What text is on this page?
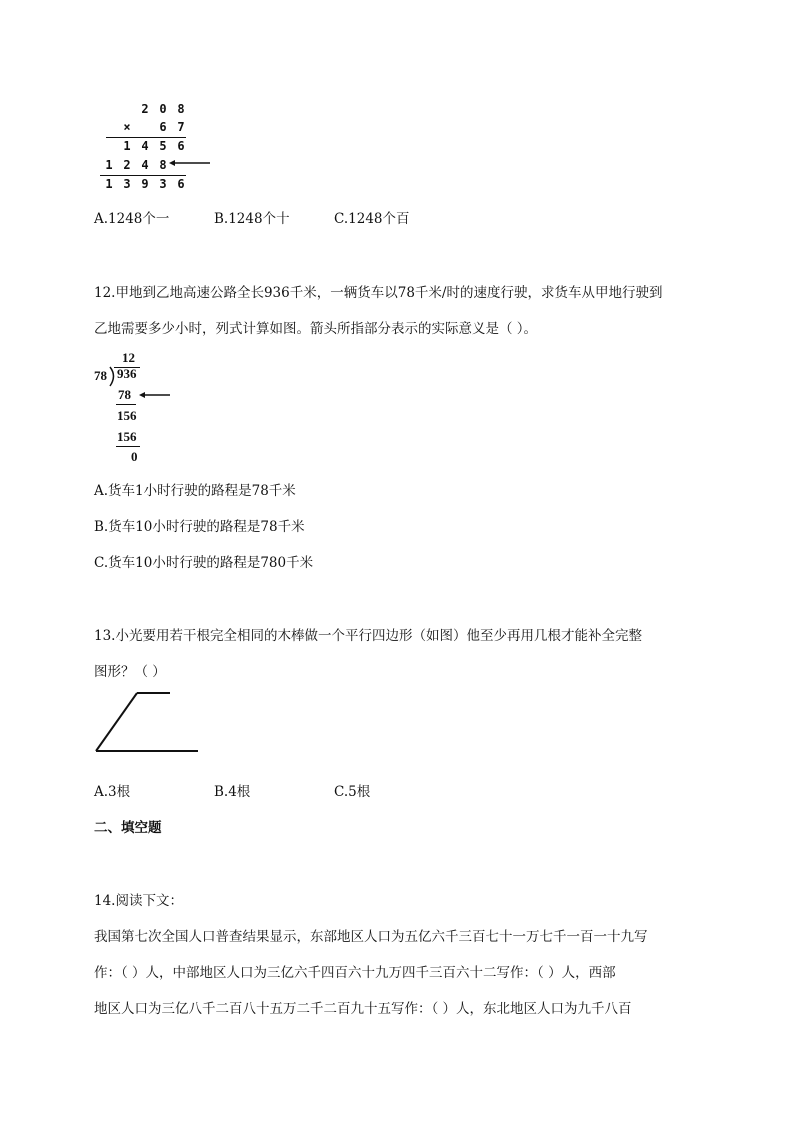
2 0 8
×	6 7
1 4 5 6
1 2 4 8
1 3 9 3 6
A.1248个一	B.1248个十	C.1248个百
12.甲地到乙地高速公路全长936千米，一辆货车以78千米/时的速度行驶，求货车从甲地行驶到
乙地需要多少小时，列式计算如图。箭头所指部分表示的实际意义是（ ）。
12
78 936
78
156
156
0
A.货车1小时行驶的路程是78千米
B.货车10小时行驶的路程是78千米
C.货车10小时行驶的路程是780千米
13.小光要用若干根完全相同的木棒做一个平行四边形（如图）他至少再用几根才能补全完整
图形？（ ）
A.3根	B.4根	C.5根
二、填空题
14.阅读下文：
我国第七次全国人口普查结果显示，东部地区人口为五亿六千三百七十一万七千一百一十九写
作：（ ）人，中部地区人口为三亿六千四百六十九万四千三百六十二写作：（ ）人，西部
地区人口为三亿八千二百八十五万二千二百九十五写作：（ ）人，东北地区人口为九千八百
